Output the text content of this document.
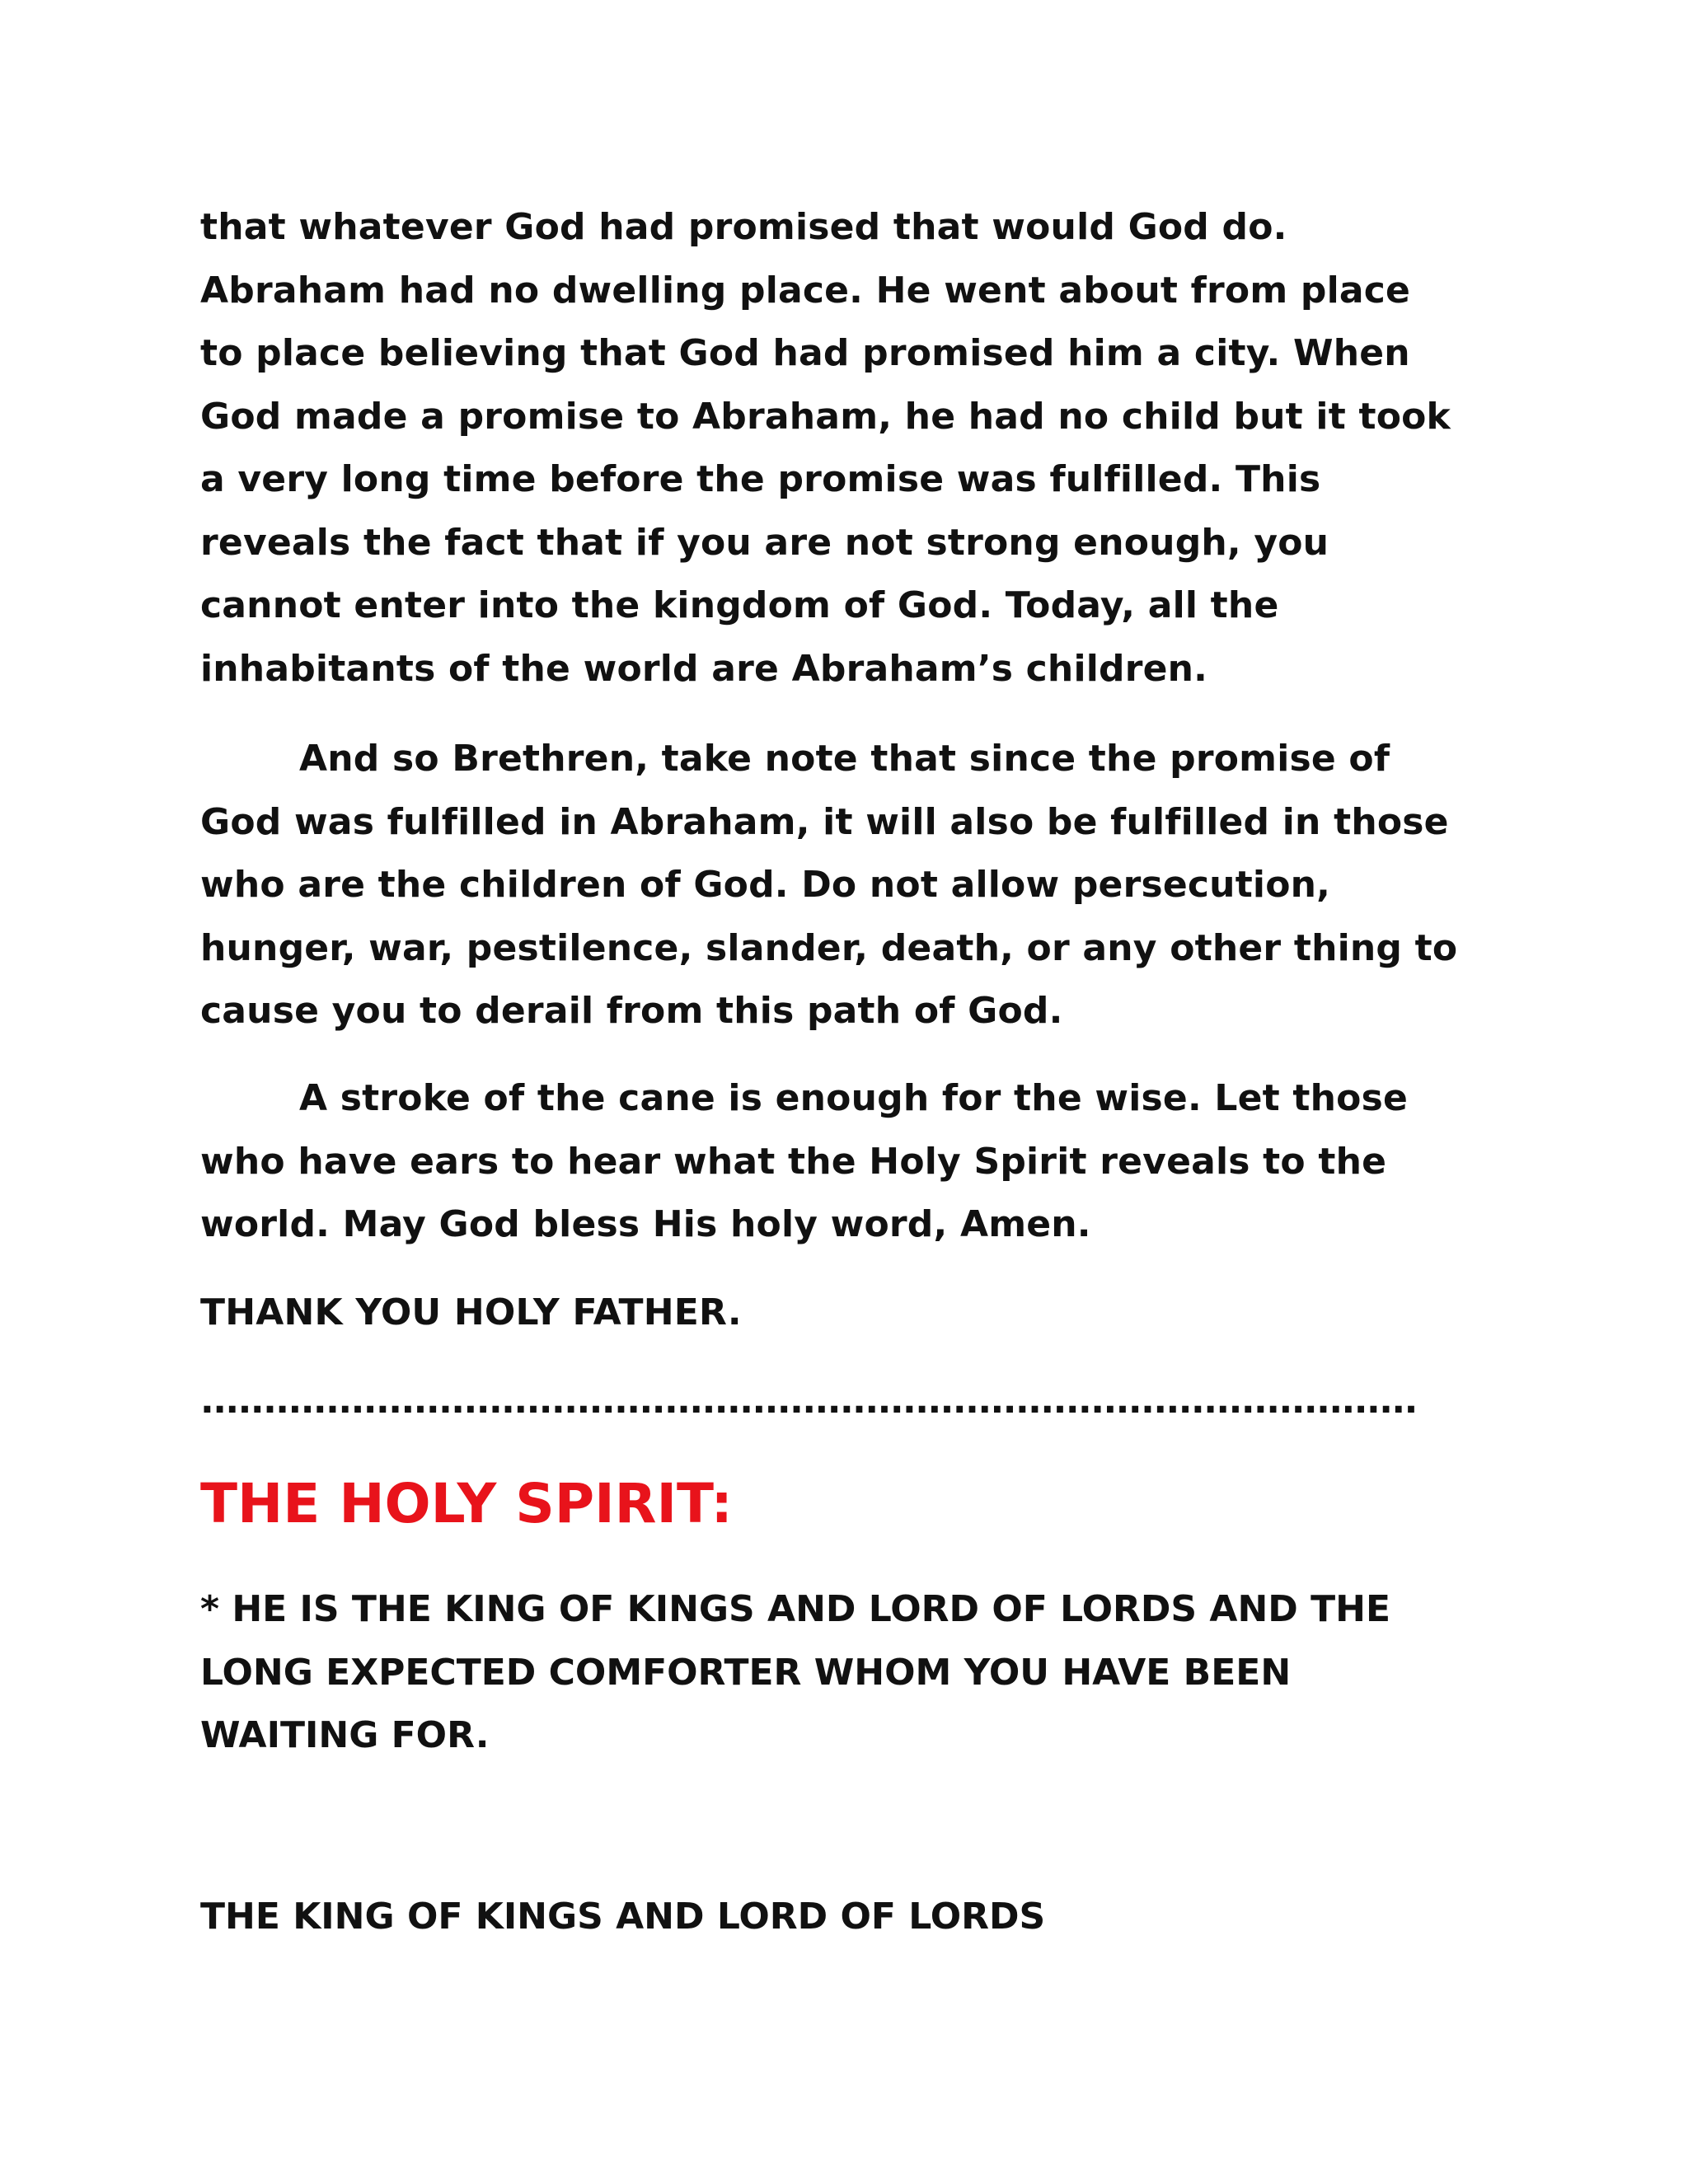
that whatever God had promised that would God do.
Abraham had no dwelling place. He went about from place
to place believing that God had promised him a city. When
God made a promise to Abraham, he had no child but it took
a very long time before the promise was fulfilled. This
reveals the fact that if you are not strong enough, you
cannot enter into the kingdom of God. Today, all the
inhabitants of the world are Abraham’s children.

And so Brethren, take note that since the promise of
God was fulfilled in Abraham, it will also be fulfilled in those
who are the children of God. Do not allow persecution,
hunger, war, pestilence, slander, death, or any other thing to
cause you to derail from this path of God.

A stroke of the cane is enough for the wise. Let those
who have ears to hear what the Holy Spirit reveals to the
world. May God bless His holy word, Amen.

THANK YOU HOLY FATHER.

.................................................................................................
THE HOLY SPIRIT:

* HE IS THE KING OF KINGS AND LORD OF LORDS AND THE
LONG EXPECTED COMFORTER WHOM YOU HAVE BEEN
WAITING FOR.

THE KING OF KINGS AND LORD OF LORDS
